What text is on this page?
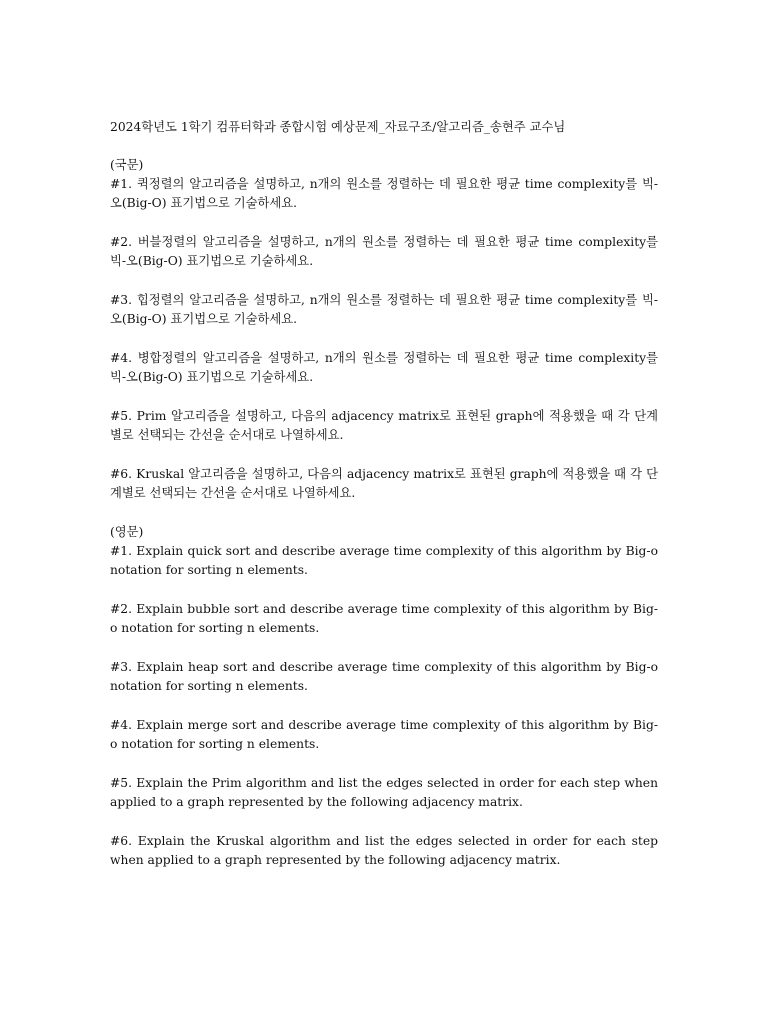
2024학년도 1학기 컴퓨터학과 종합시험 예상문제_자료구조/알고리즘_송현주 교수님

(국문)

#1. 퀵정렬의 알고리즘을 설명하고, n개의 원소를 정렬하는 데 필요한 평균 time complexity를 빅-오(Big-O) 표기법으로 기술하세요.

#2. 버블정렬의 알고리즘을 설명하고, n개의 원소를 정렬하는 데 필요한 평균 time complexity를 빅-오(Big-O) 표기법으로 기술하세요.

#3. 힙정렬의 알고리즘을 설명하고, n개의 원소를 정렬하는 데 필요한 평균 time complexity를 빅-오(Big-O) 표기법으로 기술하세요.

#4. 병합정렬의 알고리즘을 설명하고, n개의 원소를 정렬하는 데 필요한 평균 time complexity를 빅-오(Big-O) 표기법으로 기술하세요.

#5. Prim 알고리즘을 설명하고, 다음의 adjacency matrix로 표현된 graph에 적용했을 때 각 단계별로 선택되는 간선을 순서대로 나열하세요.

#6. Kruskal 알고리즘을 설명하고, 다음의 adjacency matrix로 표현된 graph에 적용했을 때 각 단계별로 선택되는 간선을 순서대로 나열하세요.

(영문)

#1. Explain quick sort and describe average time complexity of this algorithm by Big-o notation for sorting n elements.

#2. Explain bubble sort and describe average time complexity of this algorithm by Big-o notation for sorting n elements.

#3. Explain heap sort and describe average time complexity of this algorithm by Big-o notation for sorting n elements.

#4. Explain merge sort and describe average time complexity of this algorithm by Big-o notation for sorting n elements.

#5. Explain the Prim algorithm and list the edges selected in order for each step when applied to a graph represented by the following adjacency matrix.

#6. Explain the Kruskal algorithm and list the edges selected in order for each step when applied to a graph represented by the following adjacency matrix.
